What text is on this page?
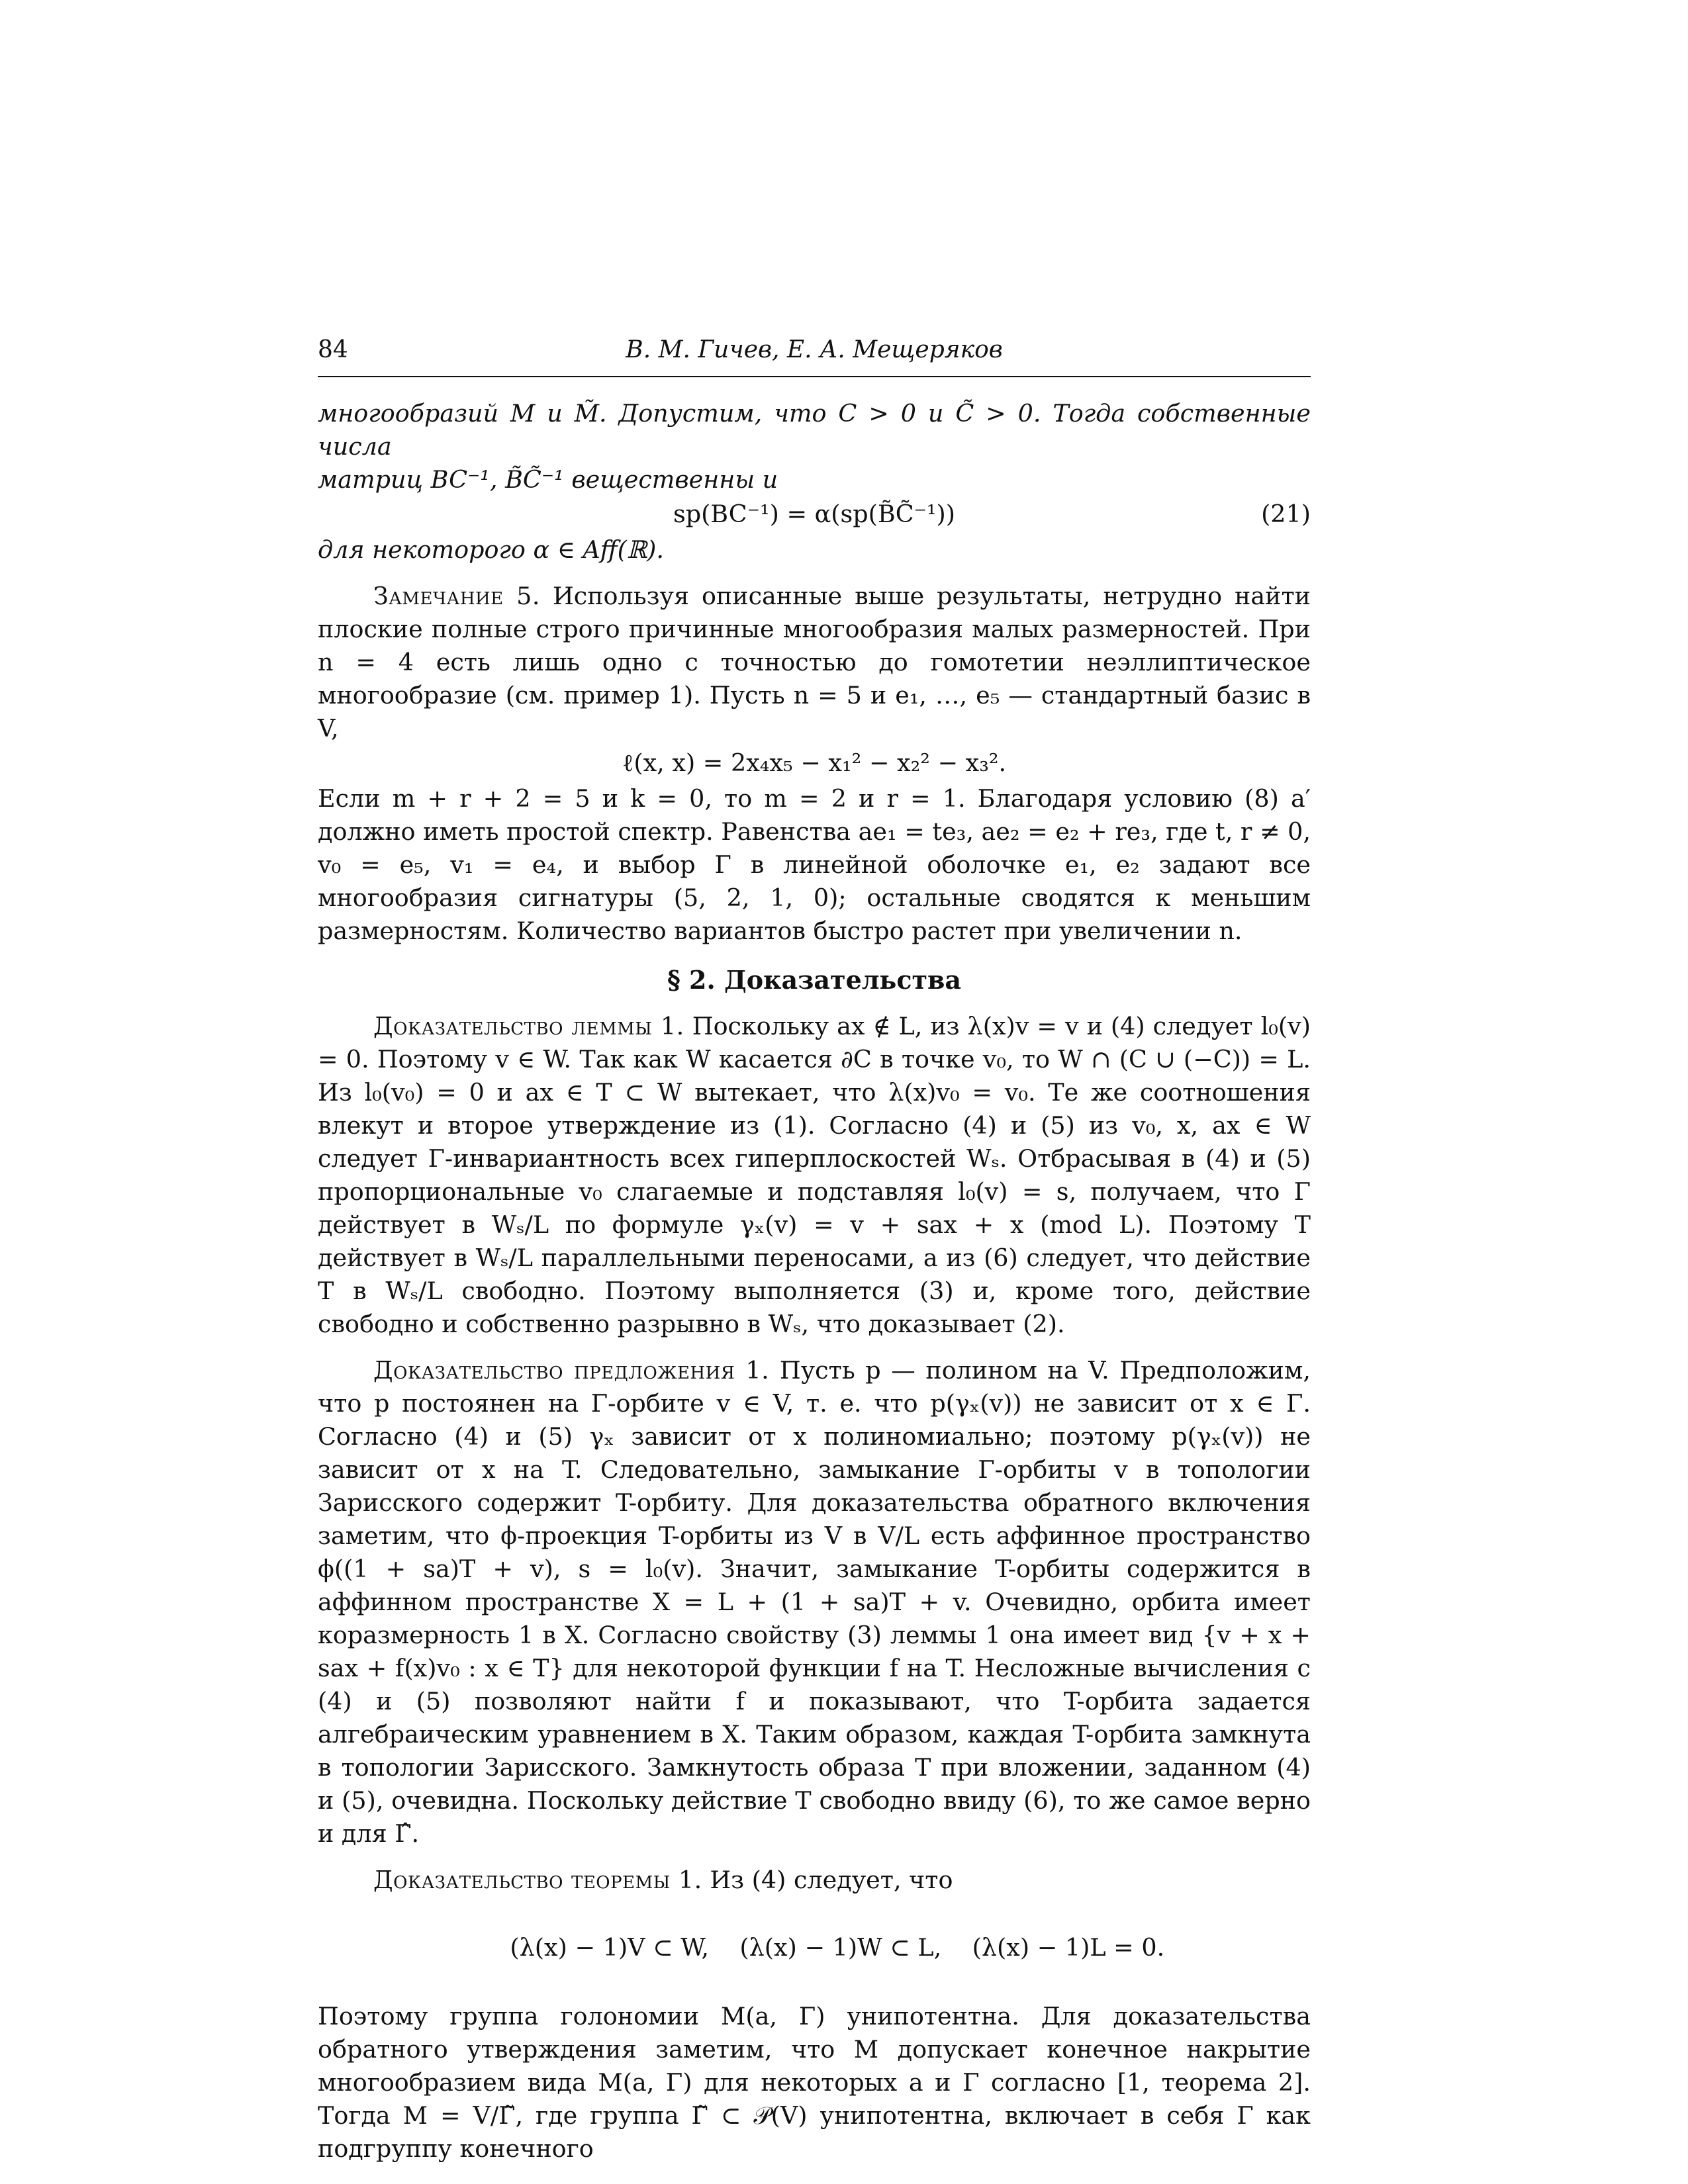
84	В. М. Гичев, Е. А. Мещеряков

многообразий M и M̃. Допустим, что C > 0 и C̃ > 0. Тогда собственные числа

матриц BC⁻¹, B̃C̃⁻¹ вещественны и

sp(BC⁻¹) = α(sp(B̃C̃⁻¹))	(21)

для некоторого α ∈ Aff(ℝ).

Замечание 5. Используя описанные выше результаты, нетрудно найти плоские полные строго причинные многообразия малых размерностей. При n = 4 есть лишь одно с точностью до гомотетии неэллиптическое многообразие (см. пример 1). Пусть n = 5 и e₁, …, e₅ — стандартный базис в V,

ℓ(x, x) = 2x₄x₅ − x₁² − x₂² − x₃².

Если m + r + 2 = 5 и k = 0, то m = 2 и r = 1. Благодаря условию (8) a′ должно иметь простой спектр. Равенства ae₁ = te₃, ae₂ = e₂ + re₃, где t, r ≠ 0, v₀ = e₅, v₁ = e₄, и выбор Γ в линейной оболочке e₁, e₂ задают все многообразия сигнатуры (5, 2, 1, 0); остальные сводятся к меньшим размерностям. Количество вариантов быстро растет при увеличении n.

§ 2. Доказательства

Доказательство леммы 1. Поскольку ax ∉ L, из λ(x)v = v и (4) следует l₀(v) = 0. Поэтому v ∈ W. Так как W касается ∂C в точке v₀, то W ∩ (C ∪ (−C)) = L. Из l₀(v₀) = 0 и ax ∈ T ⊂ W вытекает, что λ(x)v₀ = v₀. Те же соотношения влекут и второе утверждение из (1). Согласно (4) и (5) из v₀, x, ax ∈ W следует Γ-инвариантность всех гиперплоскостей Wₛ. Отбрасывая в (4) и (5) пропорциональные v₀ слагаемые и подставляя l₀(v) = s, получаем, что Γ действует в Wₛ/L по формуле γₓ(v) = v + sax + x (mod L). Поэтому T действует в Wₛ/L параллельными переносами, а из (6) следует, что действие T в Wₛ/L свободно. Поэтому выполняется (3) и, кроме того, действие свободно и собственно разрывно в Wₛ, что доказывает (2).

Доказательство предложения 1. Пусть p — полином на V. Предположим, что p постоянен на Γ-орбите v ∈ V, т. е. что p(γₓ(v)) не зависит от x ∈ Γ. Согласно (4) и (5) γₓ зависит от x полиномиально; поэтому p(γₓ(v)) не зависит от x на T. Следовательно, замыкание Γ-орбиты v в топологии Зарисского содержит T-орбиту. Для доказательства обратного включения заметим, что ϕ-проекция T-орбиты из V в V/L есть аффинное пространство ϕ((1 + sa)T + v), s = l₀(v). Значит, замыкание T-орбиты содержится в аффинном пространстве X = L + (1 + sa)T + v. Очевидно, орбита имеет коразмерность 1 в X. Согласно свойству (3) леммы 1 она имеет вид {v + x + sax + f(x)v₀ : x ∈ T} для некоторой функции f на T. Несложные вычисления с (4) и (5) позволяют найти f и показывают, что T-орбита задается алгебраическим уравнением в X. Таким образом, каждая T-орбита замкнута в топологии Зарисского. Замкнутость образа T при вложении, заданном (4) и (5), очевидна. Поскольку действие T свободно ввиду (6), то же самое верно и для Γ̂.

Доказательство теоремы 1. Из (4) следует, что

(λ(x) − 1)V ⊂ W,    (λ(x) − 1)W ⊂ L,    (λ(x) − 1)L = 0.

Поэтому группа голономии M(a, Γ) унипотентна. Для доказательства обратного утверждения заметим, что M допускает конечное накрытие многообразием вида M(a, Γ) для некоторых a и Γ согласно [1, теорема 2]. Тогда M = V/Γ̃, где группа Γ̃ ⊂ 𝒫(V) унипотентна, включает в себя Γ как подгруппу конечного
